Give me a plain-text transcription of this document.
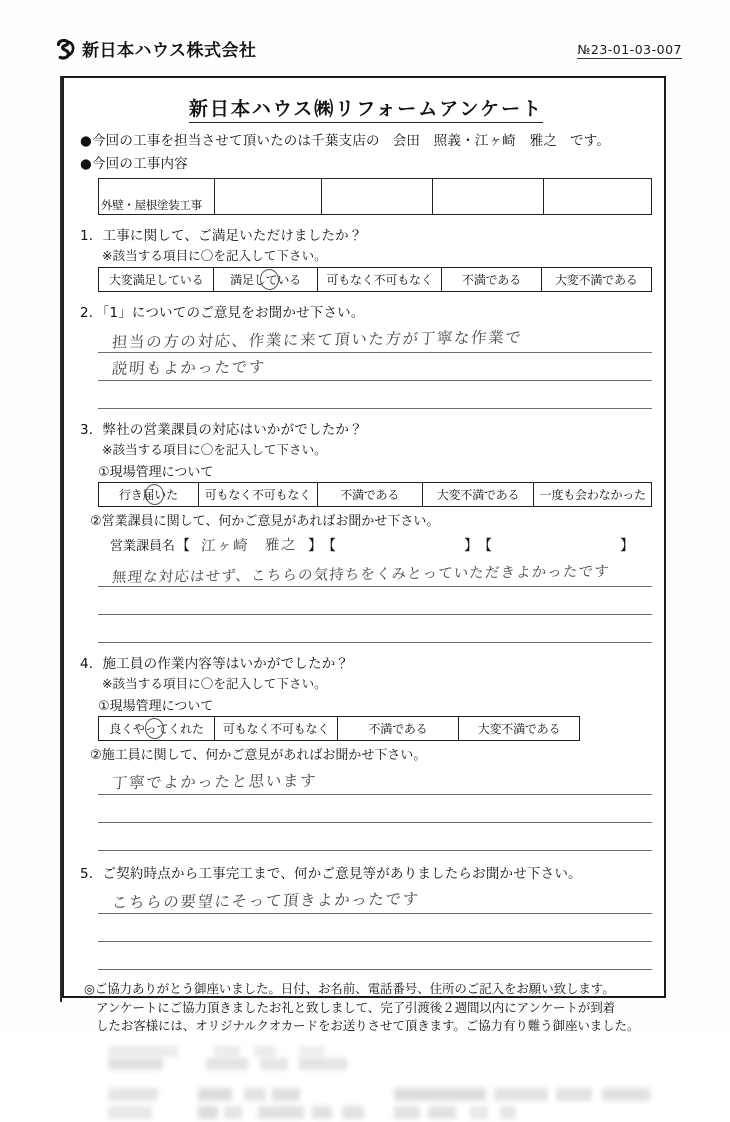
新日本ハウス株式会社	№23-01-03-007
新日本ハウス㈱リフォームアンケート
●今回の工事を担当させて頂いたのは千葉支店の 会田　照義・江ヶ崎　雅之 です。
●今回の工事内容
外壁・屋根塗装工事				
1．工事に関して、ご満足いただけましたか？
※該当する項目に〇を記入して下さい。
大変満足している	満足している	可もなく不可もなく	不満である	大変不満である
2．「1」についてのご意見をお聞かせ下さい。
担当の方の対応、作業に来て頂いた方が丁寧な作業で
説明もよかったです
3．弊社の営業課員の対応はいかがでしたか？
※該当する項目に〇を記入して下さい。
①現場管理について
行き届いた	可もなく不可もなく	不満である	大変不満である	一度も会わなかった
②営業課員に関して、何かご意見があればお聞かせ下さい。
営業課員名 【 江ヶ崎　雅之 】 【	】 【	】
無理な対応はせず、こちらの気持ちをくみとっていただきよかったです
4．施工員の作業内容等はいかがでしたか？
※該当する項目に〇を記入して下さい。
①現場管理について
良くやってくれた	可もなく不可もなく	不満である	大変不満である
②施工員に関して、何かご意見があればお聞かせ下さい。
丁寧でよかったと思います
5．ご契約時点から工事完工まで、何かご意見等がありましたらお聞かせ下さい。
こちらの要望にそって頂きよかったです
◎ご協力ありがとう御座いました。日付、お名前、電話番号、住所のご記入をお願い致します。
アンケートにご協力頂きましたお礼と致しまして、完了引渡後２週間以内にアンケートが到着
したお客様には、オリジナルクオカードをお送りさせて頂きます。ご協力有り難う御座いました。
